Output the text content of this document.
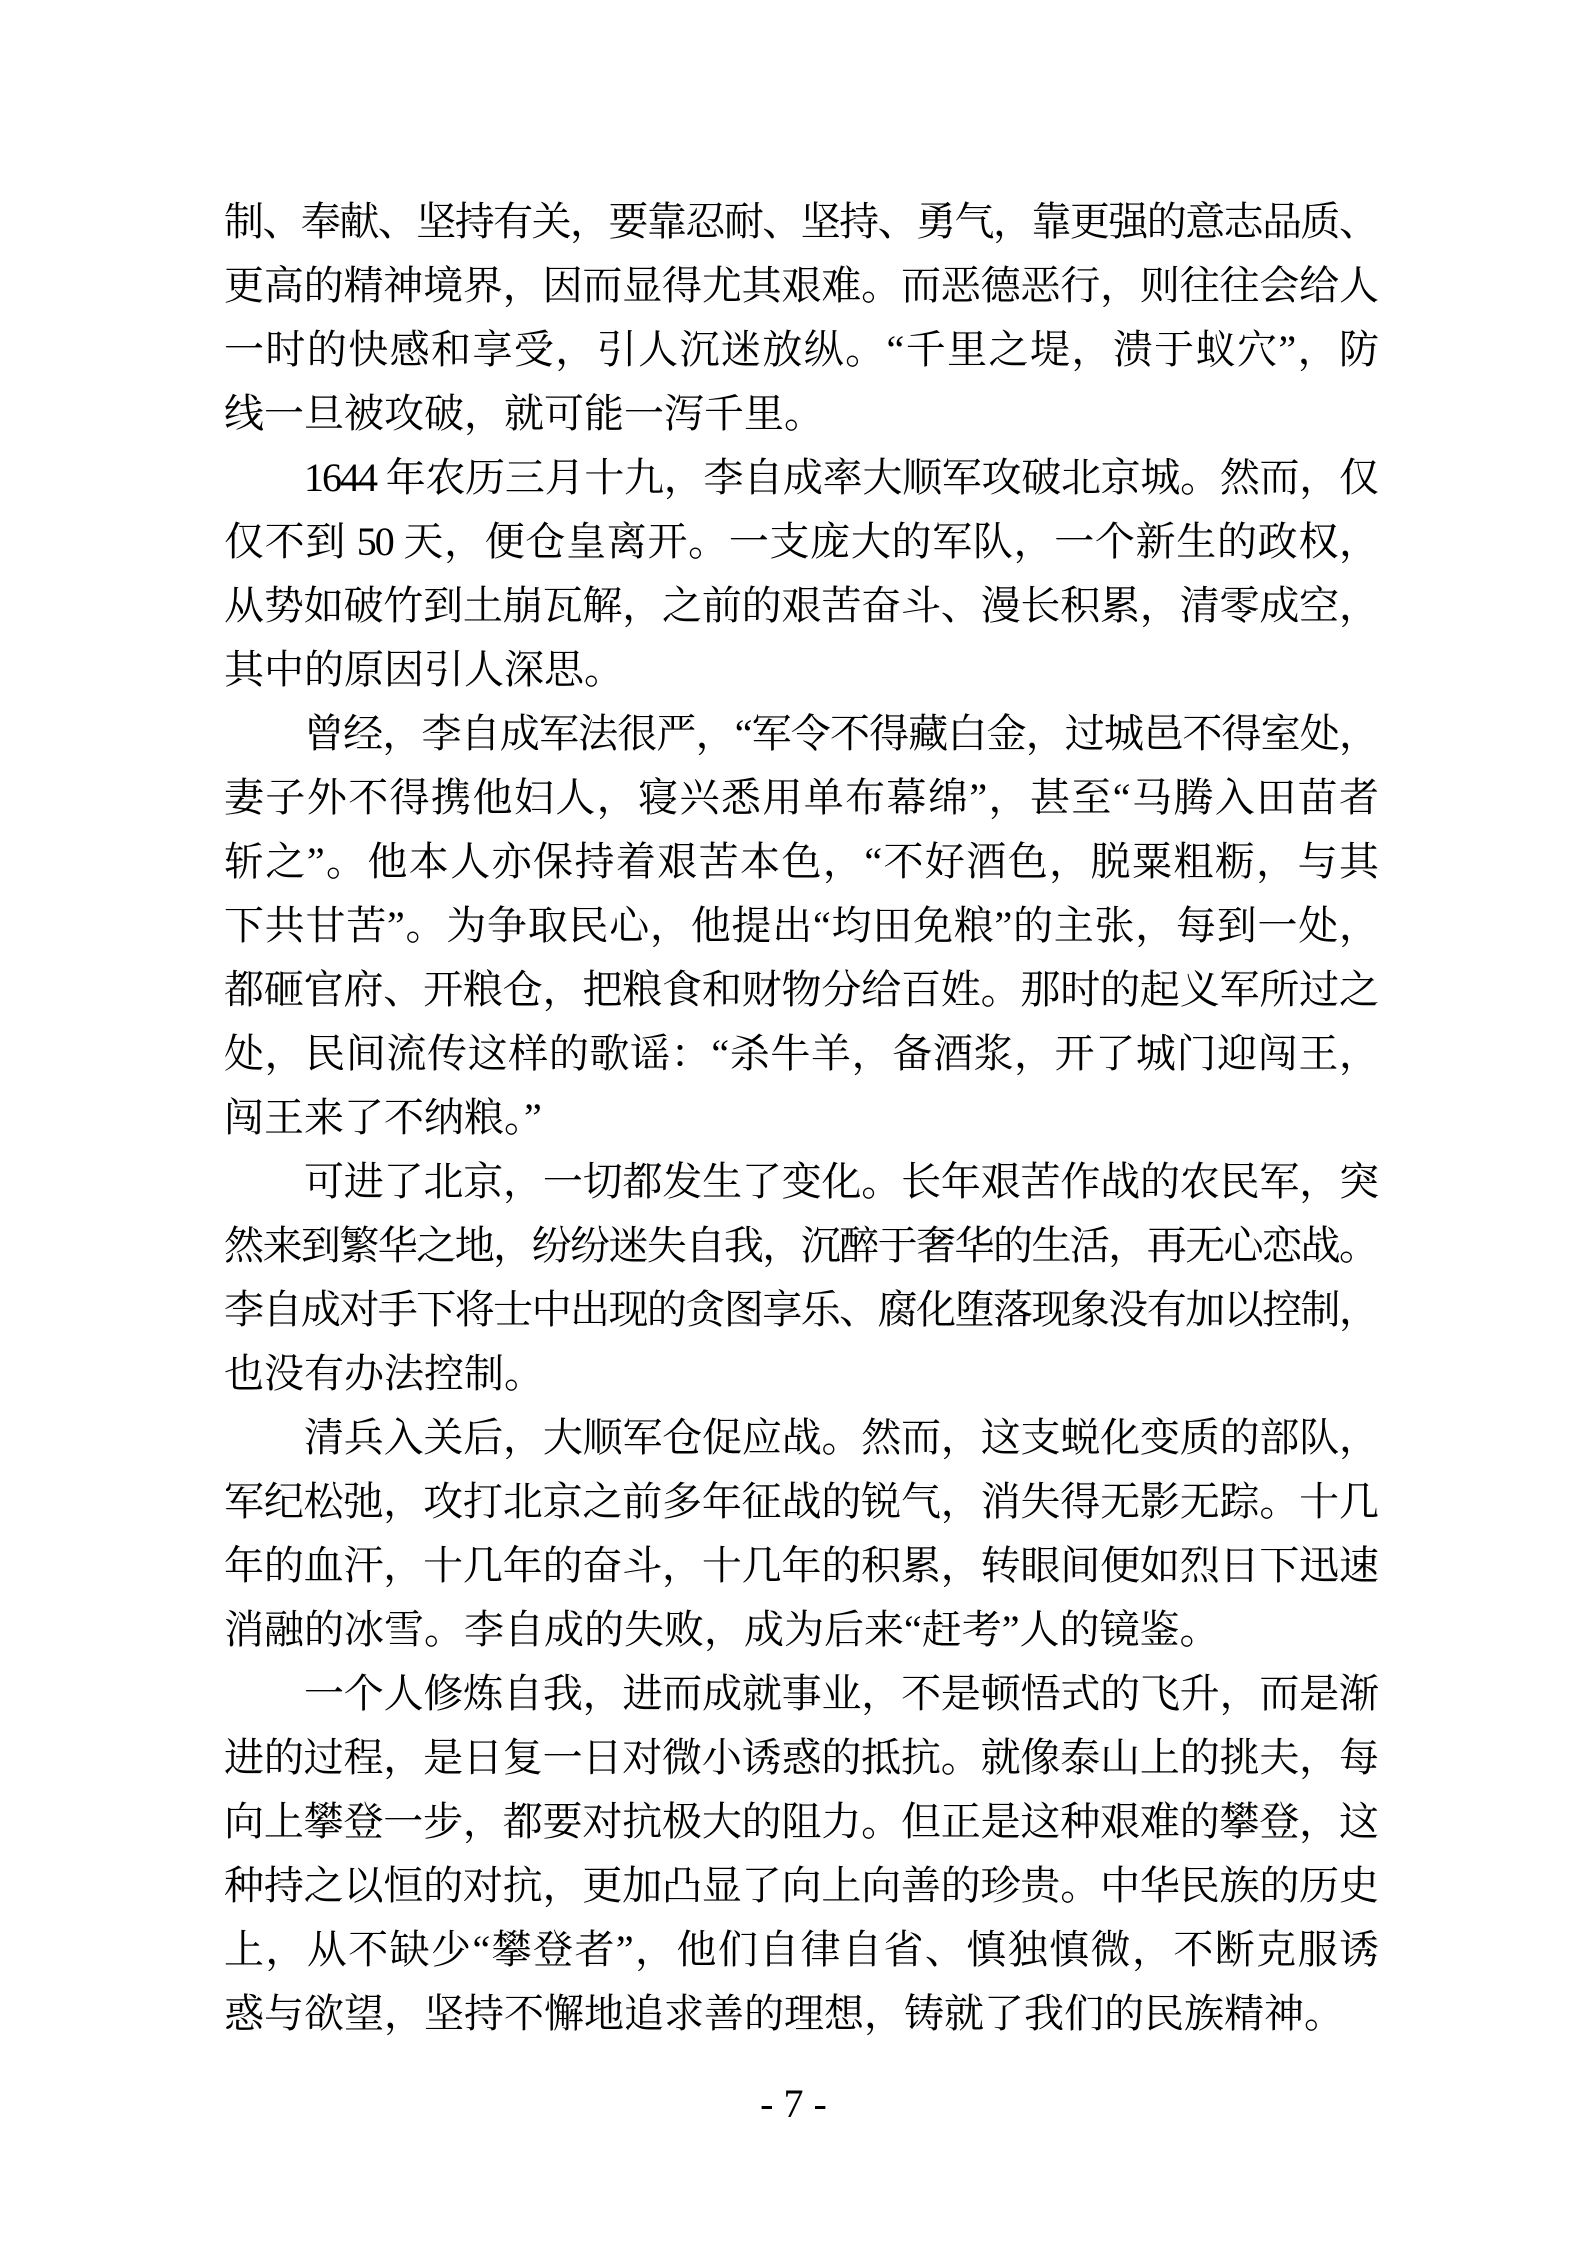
制、奉献、坚持有关，要靠忍耐、坚持、勇气，靠更强的意志品质、
更高的精神境界，因而显得尤其艰难。而恶德恶行，则往往会给人
一时的快感和享受，引人沉迷放纵。“千里之堤，溃于蚁穴”，防
线一旦被攻破，就可能一泻千里。
1644 年农历三月十九，李自成率大顺军攻破北京城。然而，仅
仅不到 50 天，便仓皇离开。一支庞大的军队，一个新生的政权，
从势如破竹到土崩瓦解，之前的艰苦奋斗、漫长积累，清零成空，
其中的原因引人深思。
曾经，李自成军法很严，“军令不得藏白金，过城邑不得室处，
妻子外不得携他妇人，寝兴悉用单布幕绵”，甚至“马腾入田苗者
斩之”。他本人亦保持着艰苦本色，“不好酒色，脱粟粗粝，与其
下共甘苦”。为争取民心，他提出“均田免粮”的主张，每到一处，
都砸官府、开粮仓，把粮食和财物分给百姓。那时的起义军所过之
处，民间流传这样的歌谣：“杀牛羊，备酒浆，开了城门迎闯王，
闯王来了不纳粮。”
可进了北京，一切都发生了变化。长年艰苦作战的农民军，突
然来到繁华之地，纷纷迷失自我，沉醉于奢华的生活，再无心恋战。
李自成对手下将士中出现的贪图享乐、腐化堕落现象没有加以控制，
也没有办法控制。
清兵入关后，大顺军仓促应战。然而，这支蜕化变质的部队，
军纪松弛，攻打北京之前多年征战的锐气，消失得无影无踪。十几
年的血汗，十几年的奋斗，十几年的积累，转眼间便如烈日下迅速
消融的冰雪。李自成的失败，成为后来“赶考”人的镜鉴。
一个人修炼自我，进而成就事业，不是顿悟式的飞升，而是渐
进的过程，是日复一日对微小诱惑的抵抗。就像泰山上的挑夫，每
向上攀登一步，都要对抗极大的阻力。但正是这种艰难的攀登，这
种持之以恒的对抗，更加凸显了向上向善的珍贵。中华民族的历史
上，从不缺少“攀登者”，他们自律自省、慎独慎微，不断克服诱
惑与欲望，坚持不懈地追求善的理想，铸就了我们的民族精神。
- 7 -
